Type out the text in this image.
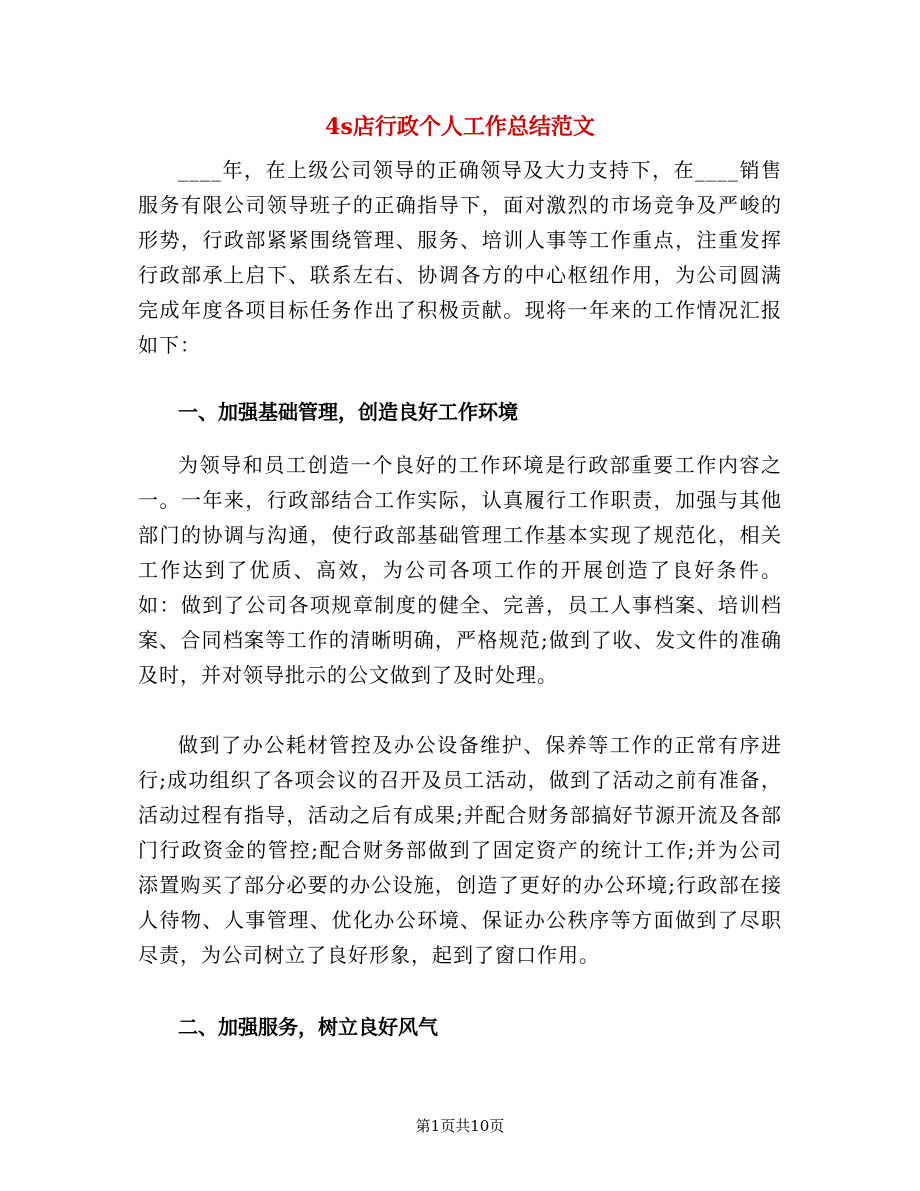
4s店行政个人工作总结范文

____年，在上级公司领导的正确领导及大力支持下，在____销售服务有限公司领导班子的正确指导下，面对激烈的市场竞争及严峻的形势，行政部紧紧围绕管理、服务、培训人事等工作重点，注重发挥行政部承上启下、联系左右、协调各方的中心枢纽作用，为公司圆满完成年度各项目标任务作出了积极贡献。现将一年来的工作情况汇报如下：

一、加强基础管理，创造良好工作环境

为领导和员工创造一个良好的工作环境是行政部重要工作内容之一。一年来，行政部结合工作实际，认真履行工作职责，加强与其他部门的协调与沟通，使行政部基础管理工作基本实现了规范化，相关工作达到了优质、高效，为公司各项工作的开展创造了良好条件。如：做到了公司各项规章制度的健全、完善，员工人事档案、培训档案、合同档案等工作的清晰明确，严格规范;做到了收、发文件的准确及时，并对领导批示的公文做到了及时处理。

做到了办公耗材管控及办公设备维护、保养等工作的正常有序进行;成功组织了各项会议的召开及员工活动，做到了活动之前有准备，活动过程有指导，活动之后有成果;并配合财务部搞好节源开流及各部门行政资金的管控;配合财务部做到了固定资产的统计工作;并为公司添置购买了部分必要的办公设施，创造了更好的办公环境;行政部在接人待物、人事管理、优化办公环境、保证办公秩序等方面做到了尽职尽责，为公司树立了良好形象，起到了窗口作用。

二、加强服务，树立良好风气
第1页共10页
